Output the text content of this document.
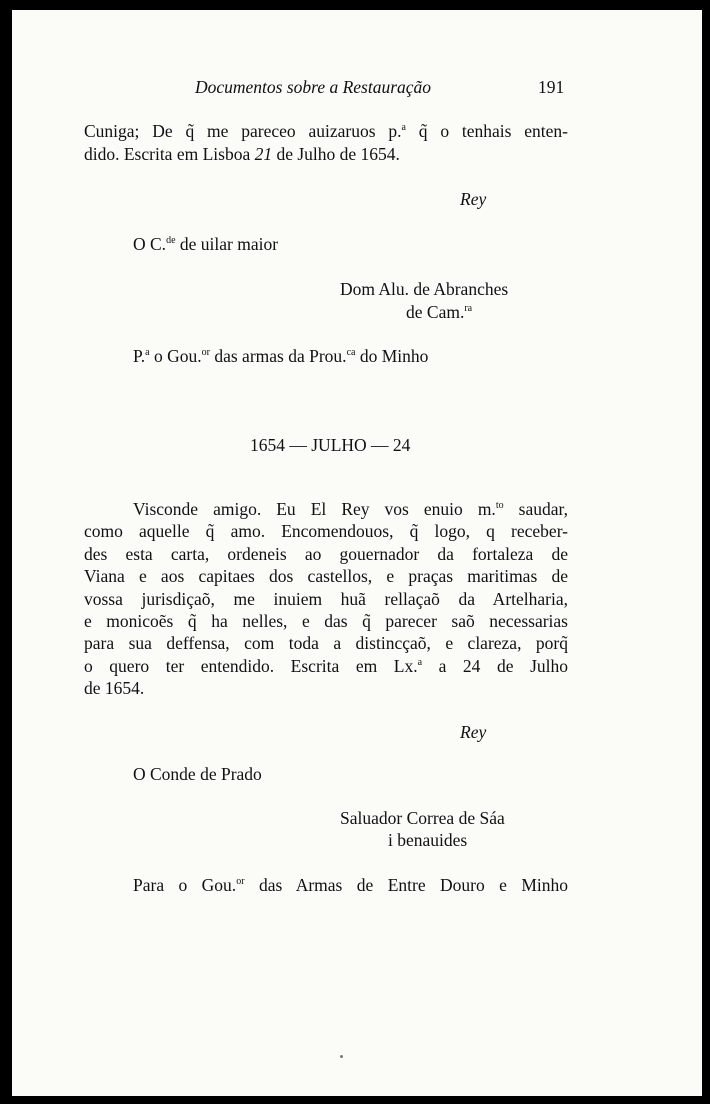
Documentos sobre a Restauração	191
Cuniga; De q̃ me pareceo auizaruos p.$^a$ q̃ o tenhais enten-
dido. Escrita em Lisboa 21 de Julho de 1654.
Rey
O C.$^{de}$ de uilar maior
Dom Alu. de Abranches
de Cam.$^{ra}$
P.$^a$ o Gou.$^{or}$ das armas da Prou.$^{ca}$ do Minho
1654 — JULHO — 24
Visconde amigo. Eu El Rey vos enuio m.$^{to}$ saudar,
como aquelle q̃ amo. Encomendouos, q̃ logo, q receber-
des esta carta, ordeneis ao gouernador da fortaleza de
Viana e aos capitaes dos castellos, e praças maritimas de
vossa jurisdiçaõ, me inuiem huã rellaçaõ da Artelharia,
e monicoẽs q̃ ha nelles, e das q̃ parecer saõ necessarias
para sua deffensa, com toda a distincçaõ, e clareza, porq̃
o quero ter entendido. Escrita em Lx.$^a$ a 24 de Julho
de 1654.
Rey
O Conde de Prado
Saluador Correa de Sáa
i benauides
Para o Gou.$^{or}$ das Armas de Entre Douro e Minho
